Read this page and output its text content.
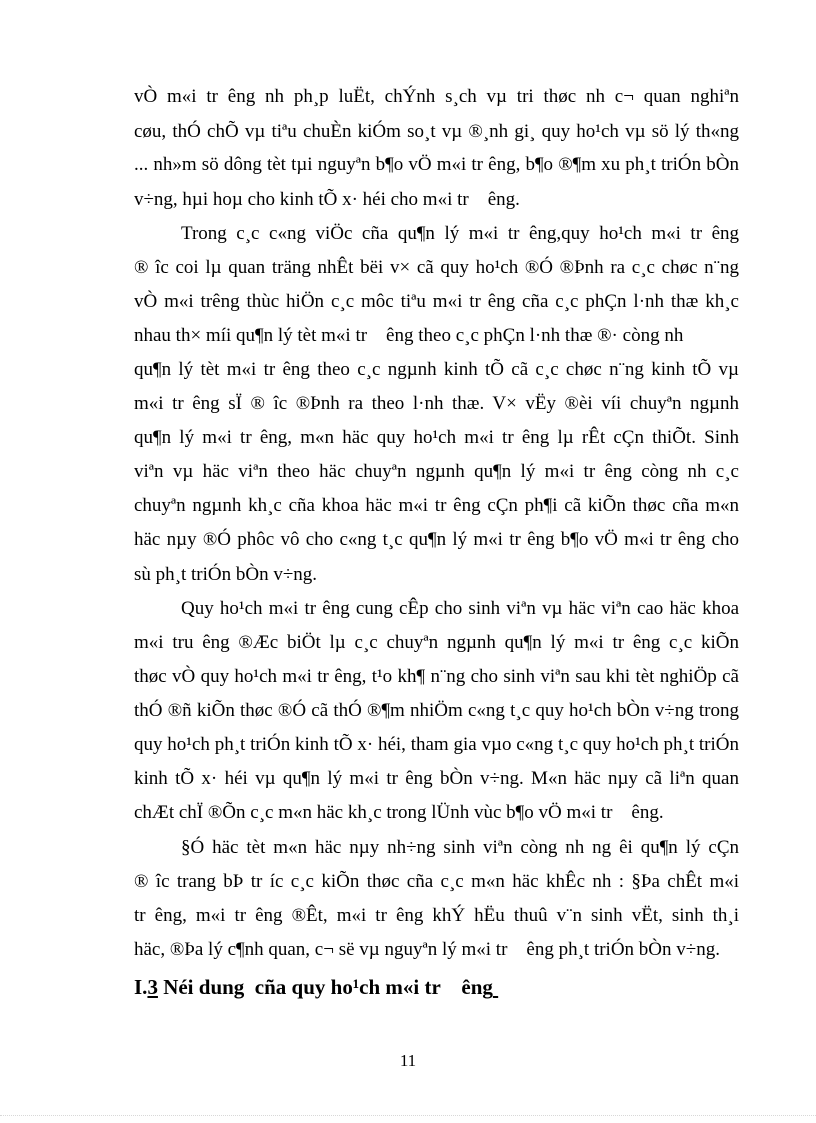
vÒ m«i tr êng nh ph¸p luËt, chÝnh s¸ch vµ tri thøc nh c¬ quan nghiªn
cøu, thÓ chÕ vµ tiªu chuÈn kiÓm so¸t vµ ®¸nh gi¸ quy ho¹ch vµ sö lý th«ng
... nh»m sö dông tèt tµi nguyªn b¶o vÖ m«i tr êng, b¶o ®¶m xu ph¸t triÓn bÒn
v÷ng, hµi hoµ cho kinh tÕ x· héi cho m«i tr    êng.
Trong c¸c c«ng viÖc cña qu¶n lý m«i tr êng,quy ho¹ch m«i tr êng
® îc coi lµ quan träng nhÊt bëi v× cã quy ho¹ch ®Ó ®Þnh ra c¸c chøc n¨ng
vÒ m«i trêng thùc hiÖn c¸c môc tiªu m«i tr êng cña c¸c phÇn l·nh thæ kh¸c
nhau th× míi qu¶n lý tèt m«i tr    êng theo c¸c phÇn l·nh thæ ®· còng nh
qu¶n lý tèt m«i tr êng theo c¸c ngµnh kinh tÕ cã c¸c chøc n¨ng kinh tÕ vµ
m«i tr êng sÏ ® îc ®Þnh ra theo l·nh thæ. V× vËy ®èi víi chuyªn ngµnh
qu¶n lý m«i tr êng, m«n häc quy ho¹ch m«i tr êng lµ rÊt cÇn thiÕt. Sinh
viªn vµ häc viªn theo häc chuyªn ngµnh qu¶n lý m«i tr êng còng nh c¸c
chuyªn ngµnh kh¸c cña khoa häc m«i tr êng cÇn ph¶i cã kiÕn thøc cña m«n
häc nµy ®Ó phôc vô cho c«ng t¸c qu¶n lý m«i tr êng b¶o vÖ m«i tr êng cho
sù ph¸t triÓn bÒn v÷ng.
Quy ho¹ch m«i tr êng cung cÊp cho sinh viªn vµ häc viªn cao häc khoa
m«i tru êng ®Æc biÖt lµ c¸c chuyªn ngµnh qu¶n lý m«i tr êng c¸c kiÕn
thøc vÒ quy ho¹ch m«i tr êng, t¹o kh¶ n¨ng cho sinh viªn sau khi tèt nghiÖp cã
thÓ ®ñ kiÕn thøc ®Ó cã thÓ ®¶m nhiÖm c«ng t¸c quy ho¹ch bÒn v÷ng trong
quy ho¹ch ph¸t triÓn kinh tÕ x· héi, tham gia vµo c«ng t¸c quy ho¹ch ph¸t triÓn
kinh tÕ x· héi vµ qu¶n lý m«i tr êng bÒn v÷ng. M«n häc nµy cã liªn quan
chÆt chÏ ®Õn c¸c m«n häc kh¸c trong lÜnh vùc b¶o vÖ m«i tr    êng.
§Ó häc tèt m«n häc nµy nh÷ng sinh viªn còng nh ng êi qu¶n lý cÇn
® îc trang bÞ tr íc c¸c kiÕn thøc cña c¸c m«n häc khÊc nh : §Þa chÊt m«i
tr êng, m«i tr êng ®Êt, m«i tr êng khÝ hËu thuû v¨n sinh vËt, sinh th¸i
häc, ®Þa lý c¶nh quan, c¬ së vµ nguyªn lý m«i tr    êng ph¸t triÓn bÒn v÷ng.
I.3 Néi dung  cña quy ho¹ch m«i tr    êng
11
